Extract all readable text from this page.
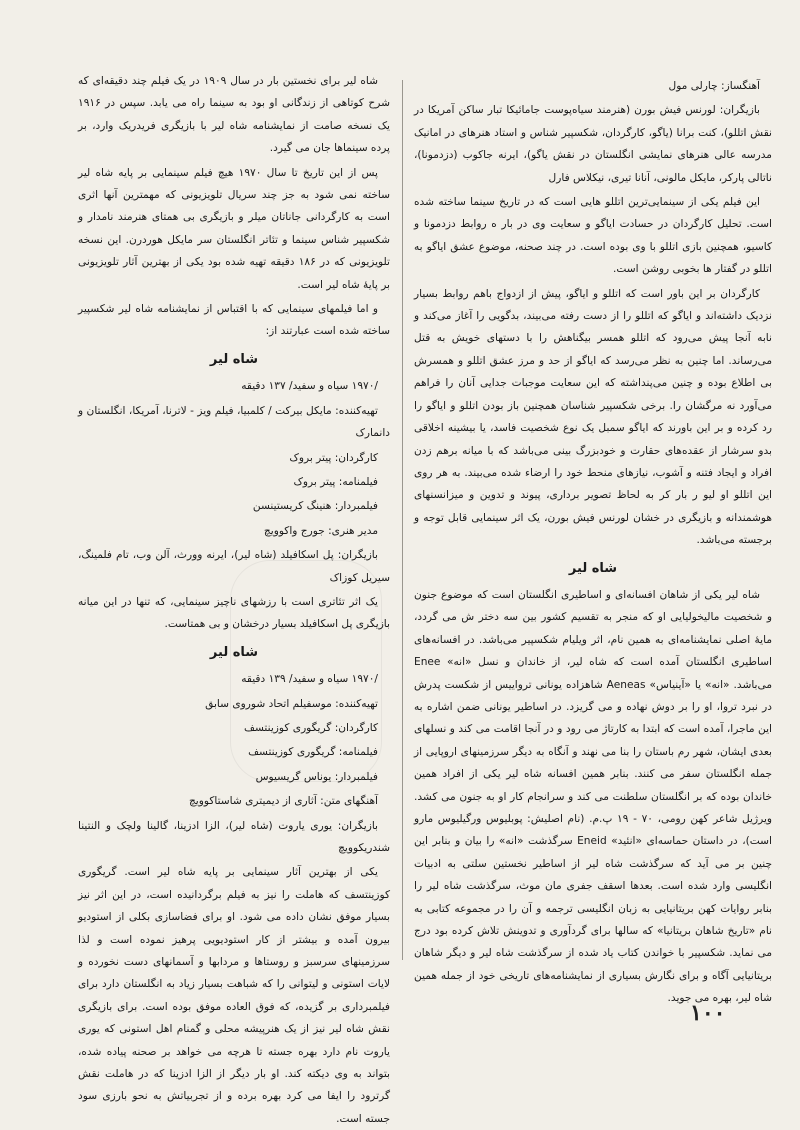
آهنگساز: چارلی مول

بازیگران: لورنس فیش بورن (هنرمند سیاه‌پوست جامائیکا تبار ساکن آمریکا در نقش اتللو)، کنت برانا (یاگو، کارگردان، شکسپیر شناس و استاد هنرهای در امانیک مدرسه عالی هنرهای نمایشی انگلستان در نقش یاگو)، ایرنه جاکوب (دزدمونا)، ناتالی پارکر، مایکل مالونی، آنانا تیری، نیکلاس فارل

این فیلم یکی از سینمایی‌ترین اتللو هایی است که در تاریخ سینما ساخته شده است. تحلیل کارگردان در حسادت ایاگو و سعایت وی در بار ه روابط دزدمونا و کاسیو، همچنین بازی اتللو با وی بوده است. در چند صحنه، موضوع عشق ایاگو به اتللو در گفتار ها بخوبی روشن است.

کارگردان بر این باور است که اتللو و ایاگو، پیش از ازدواج باهم روابط بسیار نزدیک داشته‌اند و ایاگو که اتللو را از دست رفته می‌بیند، بدگویی را آغاز می‌کند و نابه آنجا پیش می‌رود که اتللو همسر بیگناهش را با دستهای خویش به قتل می‌رساند. اما چنین به نظر می‌رسد که ایاگو از حد و مرز عشق اتللو و همسرش بی اطلاع بوده و چنین می‌پنداشته که این سعایت موجبات جدایی آنان را فراهم می‌آورد نه مرگشان را. برخی شکسپیر شناسان همچنین باز بودن اتللو و ایاگو را رد کرده و بر این باورند که ایاگو سمبل یک نوع شخصیت فاسد، یا بیشینه اخلاقی بدو سرشار از عقده‌های حقارت و خودبزرگ بینی می‌باشد که با میانه برهم زدن افراد و ایجاد فتنه و آشوب، نیازهای منحط خود را ارضاء شده می‌بیند. به هر روی این اتللو او لیو ر بار کر به لحاظ تصویر برداری، پیوند و تدوین و میزانسنهای هوشمندانه و بازیگری در خشان لورنس فیش بورن، یک اثر سینمایی قابل توجه و برجسته می‌باشد.

شاه لیر

شاه لیر یکی از شاهان افسانه‌ای و اساطیری انگلستان است که موضوع جنون و شخصیت مالیخولیایی او که منجر به تقسیم کشور بین سه دختر ش می گردد، مایهٔ اصلی نمایشنامه‌ای به همین نام، اثر ویلیام شکسپیر می‌باشد. در افسانه‌های اساطیری انگلستان آمده است که شاه لیر، از خاندان و نسل «انه» Enee می‌باشد. «انه» یا «آینیاس» Aeneas شاهزاده یونانی ترواییس از شکست پدرش در نبرد تروا، او را بر دوش نهاده و می گریزد. در اساطیر یونانی ضمن اشاره به این ماجرا، آمده است که ابتدا به کارتاژ می رود و در آنجا اقامت می کند و نسلهای بعدی ایشان، شهر رم باستان را بنا می نهند و آنگاه به دیگر سرزمینهای اروپایی از جمله انگلستان سفر می کنند. بنابر همین افسانه شاه لیر یکی از افراد همین خاندان بوده که بر انگلستان سلطنت می کند و سرانجام کار او به جنون می کشد. ویرژیل شاعر کهن رومی، ۷۰ - ۱۹ پ.م. (نام اصلیش: پوبلیوس ورگیلیوس مارو است)، در داستان حماسه‌ای «انئید» Eneid سرگذشت «انه» را بیان و بنابر این چنین بر می آید که سرگذشت شاه لیر از اساطیر نخستین سلتی به ادبیات انگلیسی وارد شده است. بعدها اسقف جفری مان موث، سرگذشت شاه لیر را بنابر روایات کهن بریتانیایی به زبان انگلیسی ترجمه و آن را در مجموعه کتابی به نام «تاریخ شاهان بریتانیا» که سالها برای گردآوری و تدوینش تلاش کرده بود درج می نماید. شکسپیر با خواندن کتاب یاد شده از سرگذشت شاه لیر و دیگر شاهان بریتانیایی آگاه و برای نگارش بسیاری از نمایشنامه‌های تاریخی خود از جمله همین شاه لیر، بهره می جوید.

شاه لیر برای نخستین بار در سال ۱۹۰۹ در یک فیلم چند دقیقه‌ای که شرح کوتاهی از زندگانی او بود به سینما راه می یابد. سپس در ۱۹۱۶ یک نسخه صامت از نمایشنامه شاه لیر با بازیگری فریدریک وارد، بر پرده سینماها جان می گیرد.

پس از این تاریخ تا سال ۱۹۷۰ هیچ فیلم سینمایی بر پایه شاه لیر ساخته نمی شود به جز چند سریال تلویزیونی که مهمترین آنها اثری است به کارگردانی جاناتان میلر و بازیگری بی همتای هنرمند نامدار و شکسپیر شناس سینما و تئاتر انگلستان سر مایکل هوردرن. این نسخه تلویزیونی که در ۱۸۶ دقیقه تهیه شده بود یکی از بهترین آثار تلویزیونی بر پایهٔ شاه لیر است.

و اما فیلمهای سینمایی که با اقتباس از نمایشنامه شاه لیر شکسپیر ساخته شده است عبارتند از:

شاه لیر

/۱۹۷۰ سیاه و سفید/ ۱۳۷ دقیقه

تهیه‌کننده: مایکل بیرکت / کلمبیا، فیلم ویز - لاترنا، آمریکا، انگلستان و دانمارک

کارگردان: پیتر بروک

فیلمنامه: پیتر بروک

فیلمبردار: هنینگ کریستینسن

مدیر هنری: جورج واکوویچ

بازیگران: پل اسکافیلد (شاه لیر)، ایرنه وورث، آلن وب، تام فلمینگ، سیریل کوزاک

یک اثر تئاتری است با رزشهای ناچیز سینمایی، که تنها در این میانه بازیگری پل اسکافیلد بسیار درخشان و بی همتاست.

شاه لیر

/۱۹۷۰ سیاه و سفید/ ۱۳۹ دقیقه

تهیه‌کننده: موسفیلم اتحاد شوروی سابق

کارگردان: گریگوری کوزینتسف

فیلمنامه: گریگوری کوزینتسف

فیلمبردار: یوناس گریسیوس

آهنگهای متن: آثاری از دیمیتری شاستاکوویچ

بازیگران: یوری یاروت (شاه لیر)، الزا ادزینا، گالینا ولچک و النتینا شندریکوویچ

یکی از بهترین آثار سینمایی بر پایه شاه لیر است. گریگوری کوزینتسف که هاملت را نیز به فیلم برگردانیده است، در این اثر نیز بسیار موفق نشان داده می شود. او برای فضاسازی بکلی از استودیو بیرون آمده و بیشتر از کار استودیویی پرهیز نموده است و لذا سرزمینهای سرسبز و روستاها و مردابها و آسمانهای دست نخورده و لایات استونی و لیتوانی را که شباهت بسیار زیاد به انگلستان دارد برای فیلمبرداری بر گزیده، که فوق العاده موفق بوده است. برای بازیگری نقش شاه لیر نیز از یک هنرپیشه محلی و گمنام اهل استونی که یوری یاروت نام دارد بهره جسته تا هرچه می خواهد بر صحنه پیاده شده، بتواند به وی دیکته کند. او بار دیگر از الزا ادزینا که در هاملت نقش گرترود را ایفا می کرد بهره برده و از تجربیاتش به نحو بارزی سود جسته است.

۱۰۰
